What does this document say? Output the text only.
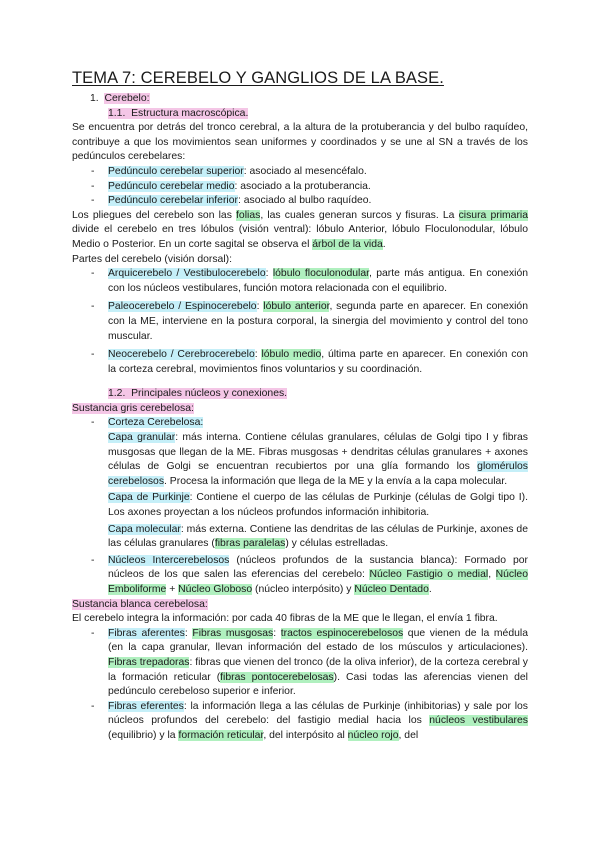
TEMA 7: CEREBELO Y GANGLIOS DE LA BASE.

1. Cerebelo:

1.1. Estructura macroscópica.

Se encuentra por detrás del tronco cerebral, a la altura de la protuberancia y del bulbo raquídeo, contribuye a que los movimientos sean uniformes y coordinados y se une al SN a través de los pedúnculos cerebelares:

- Pedúnculo cerebelar superior: asociado al mesencéfalo.
- Pedúnculo cerebelar medio: asociado a la protuberancia.
- Pedúnculo cerebelar inferior: asociado al bulbo raquídeo.

Los pliegues del cerebelo son las folias, las cuales generan surcos y fisuras. La cisura primaria divide el cerebelo en tres lóbulos (visión ventral): lóbulo Anterior, lóbulo Floculonodular, lóbulo Medio o Posterior. En un corte sagital se observa el árbol de la vida.

Partes del cerebelo (visión dorsal):

- Arquicerebelo / Vestibulocerebelo: lóbulo floculonodular, parte más antigua. En conexión con los núcleos vestibulares, función motora relacionada con el equilibrio.
- Paleocerebelo / Espinocerebelo: lóbulo anterior, segunda parte en aparecer. En conexión con la ME, interviene en la postura corporal, la sinergia del movimiento y control del tono muscular.
- Neocerebelo / Cerebrocerebelo: lóbulo medio, última parte en aparecer. En conexión con la corteza cerebral, movimientos finos voluntarios y su coordinación.

1.2. Principales núcleos y conexiones.

Sustancia gris cerebelosa:

- Corteza Cerebelosa:
Capa granular: más interna. Contiene células granulares, células de Golgi tipo I y fibras musgosas que llegan de la ME. Fibras musgosas + dendritas células granulares + axones células de Golgi se encuentran recubiertos por una glía formando los glomérulos cerebelosos. Procesa la información que llega de la ME y la envía a la capa molecular.
Capa de Purkinje: Contiene el cuerpo de las células de Purkinje (células de Golgi tipo I). Los axones proyectan a los núcleos profundos información inhibitoria.
Capa molecular: más externa. Contiene las dendritas de las células de Purkinje, axones de las células granulares (fibras paralelas) y células estrelladas.
- Núcleos Intercerebelosos (núcleos profundos de la sustancia blanca): Formado por núcleos de los que salen las eferencias del cerebelo: Núcleo Fastigio o medial, Núcleo Emboliforme + Núcleo Globoso (núcleo interpósito) y Núcleo Dentado.

Sustancia blanca cerebelosa:

El cerebelo integra la información: por cada 40 fibras de la ME que le llegan, el envía 1 fibra.

- Fibras aferentes: Fibras musgosas: tractos espinocerebelosos que vienen de la médula (en la capa granular, llevan información del estado de los músculos y articulaciones). Fibras trepadoras: fibras que vienen del tronco (de la oliva inferior), de la corteza cerebral y la formación reticular (fibras pontocerebelosas). Casi todas las aferencias vienen del pedúnculo cerebeloso superior e inferior.
- Fibras eferentes: la información llega a las células de Purkinje (inhibitorias) y sale por los núcleos profundos del cerebelo: del fastigio medial hacia los núcleos vestibulares (equilibrio) y la formación reticular, del interpósito al núcleo rojo, del
